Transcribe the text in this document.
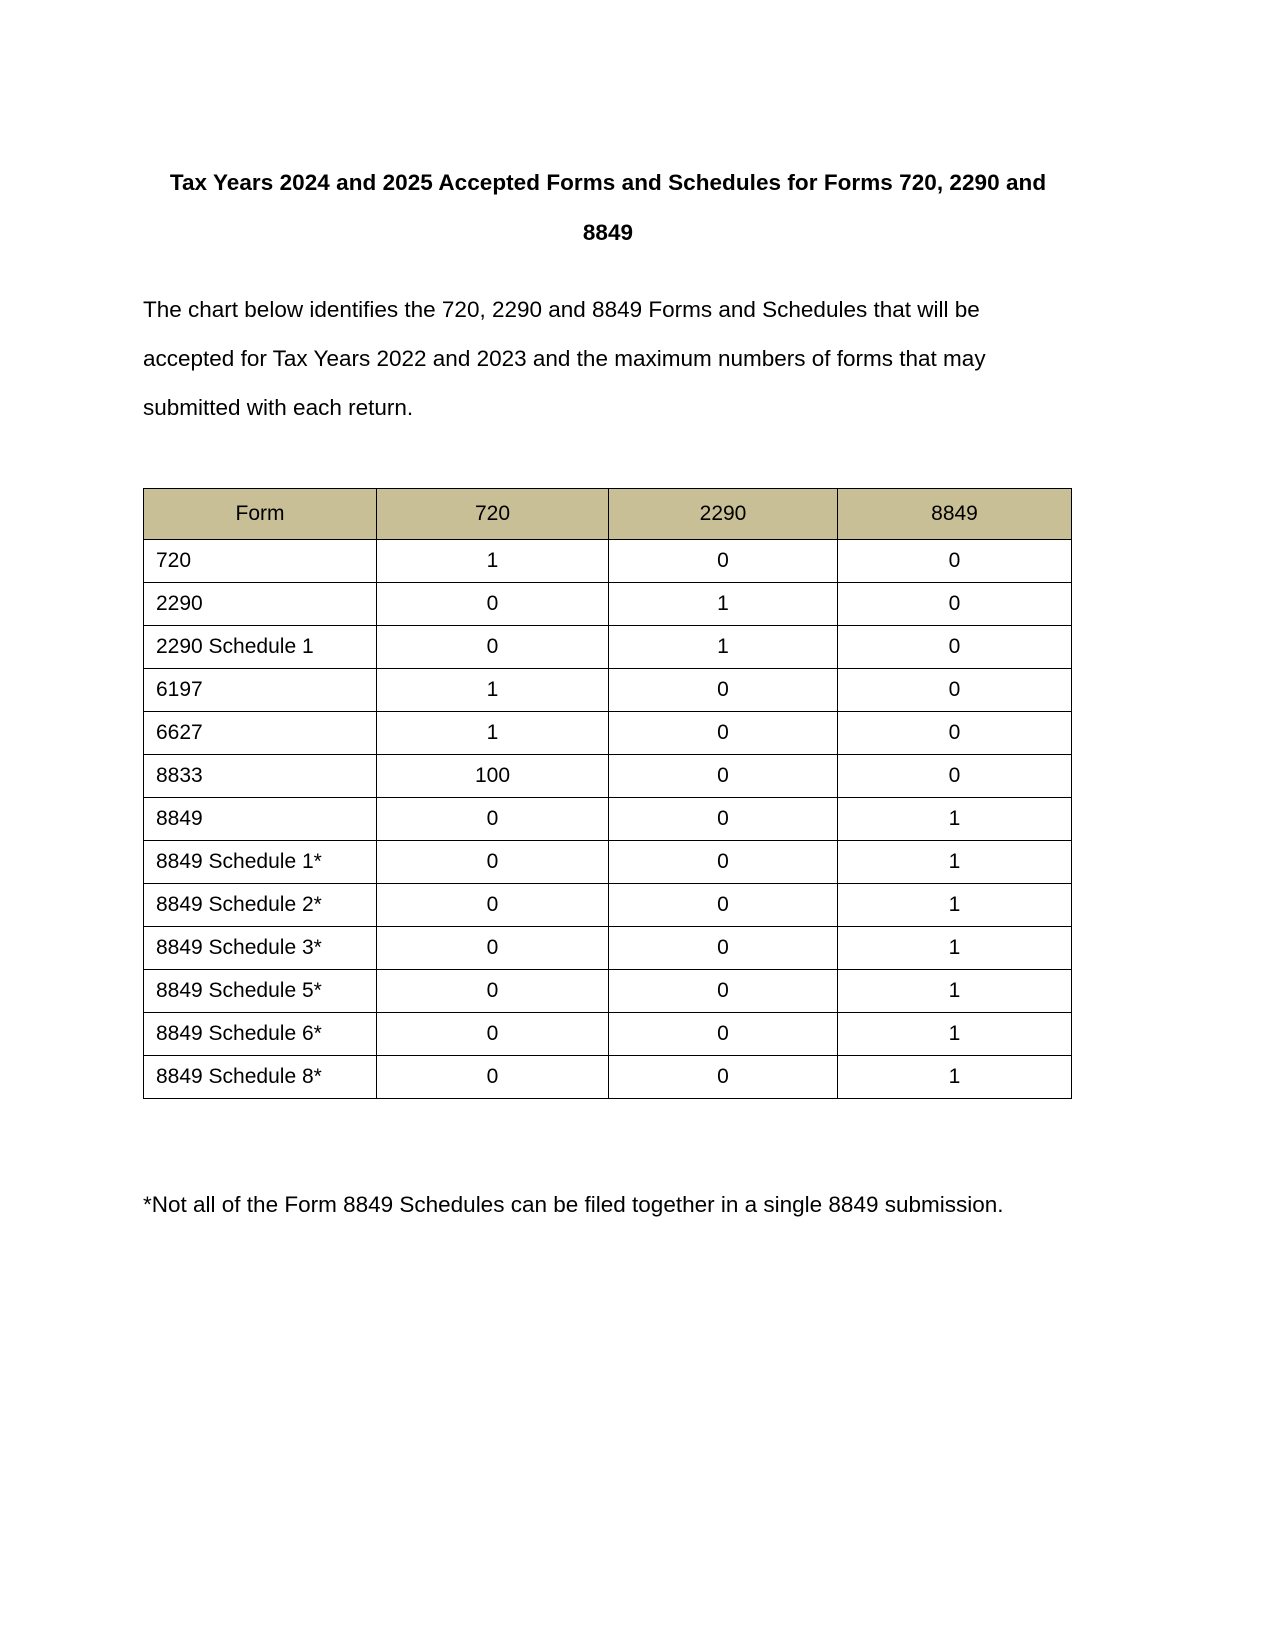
Tax Years 2024 and 2025 Accepted Forms and Schedules for Forms 720, 2290 and 8849

The chart below identifies the 720, 2290 and 8849 Forms and Schedules that will be accepted for Tax Years 2022 and 2023 and the maximum numbers of forms that may submitted with each return.

Form	720	2290	8849
720	1	0	0
2290	0	1	0
2290 Schedule 1	0	1	0
6197	1	0	0
6627	1	0	0
8833	100	0	0
8849	0	0	1
8849 Schedule 1*	0	0	1
8849 Schedule 2*	0	0	1
8849 Schedule 3*	0	0	1
8849 Schedule 5*	0	0	1
8849 Schedule 6*	0	0	1
8849 Schedule 8*	0	0	1

*Not all of the Form 8849 Schedules can be filed together in a single 8849 submission.
